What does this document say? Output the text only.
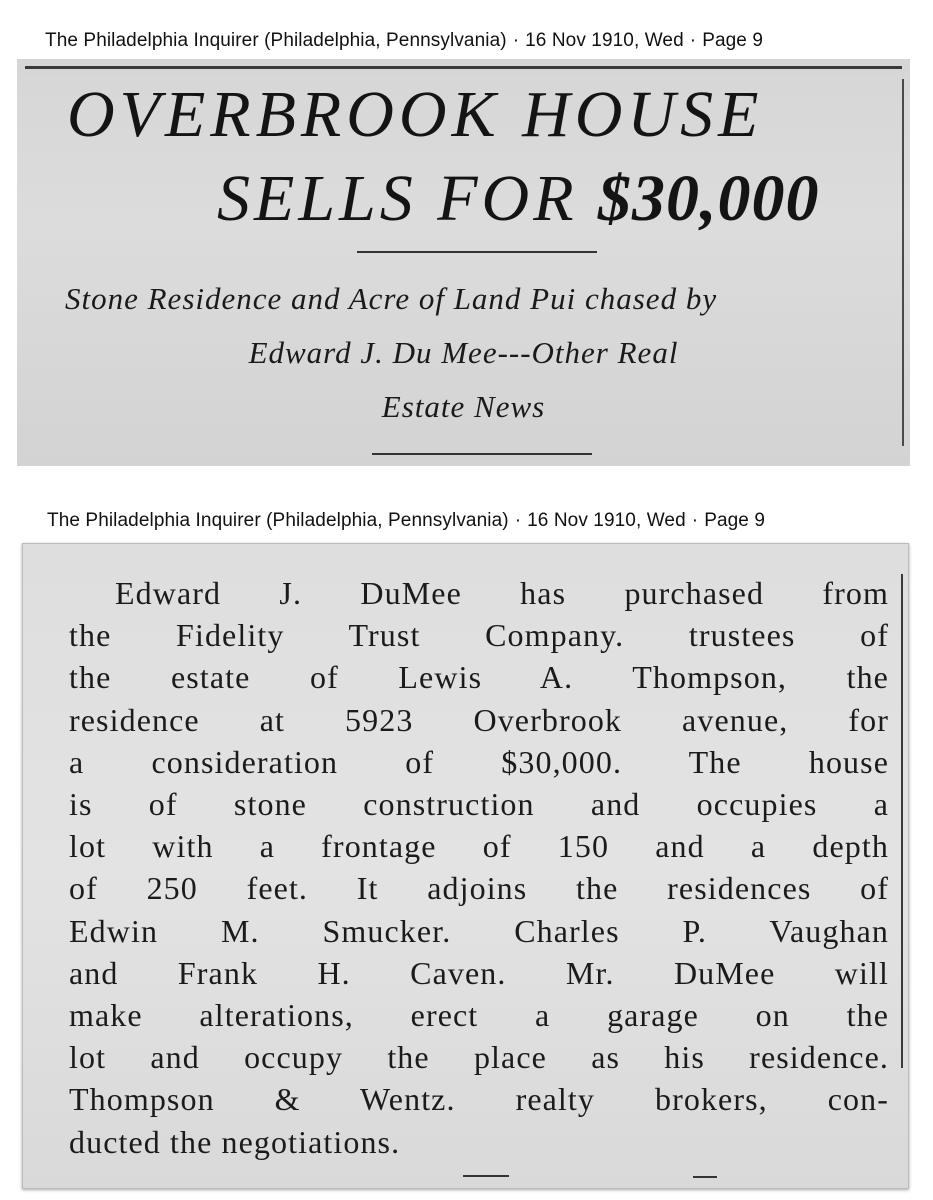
The Philadelphia Inquirer (Philadelphia, Pennsylvania) · 16 Nov 1910, Wed · Page 9
OVERBROOK HOUSE
SELLS FOR $30,000
Stone Residence and Acre of Land Pui chased by
Edward J. Du Mee---Other Real
Estate News
The Philadelphia Inquirer (Philadelphia, Pennsylvania) · 16 Nov 1910, Wed · Page 9
Edward J. DuMee has purchased from
the Fidelity Trust Company. trustees of
the estate of Lewis A. Thompson, the
residence at 5923 Overbrook avenue, for
a consideration of $30,000. The house
is of stone construction and occupies a
lot with a frontage of 150 and a depth
of 250 feet. It adjoins the residences of
Edwin M. Smucker. Charles P. Vaughan
and Frank H. Caven. Mr. DuMee will
make alterations, erect a garage on the
lot and occupy the place as his residence.
Thompson & Wentz. realty brokers, con-
ducted the negotiations.
